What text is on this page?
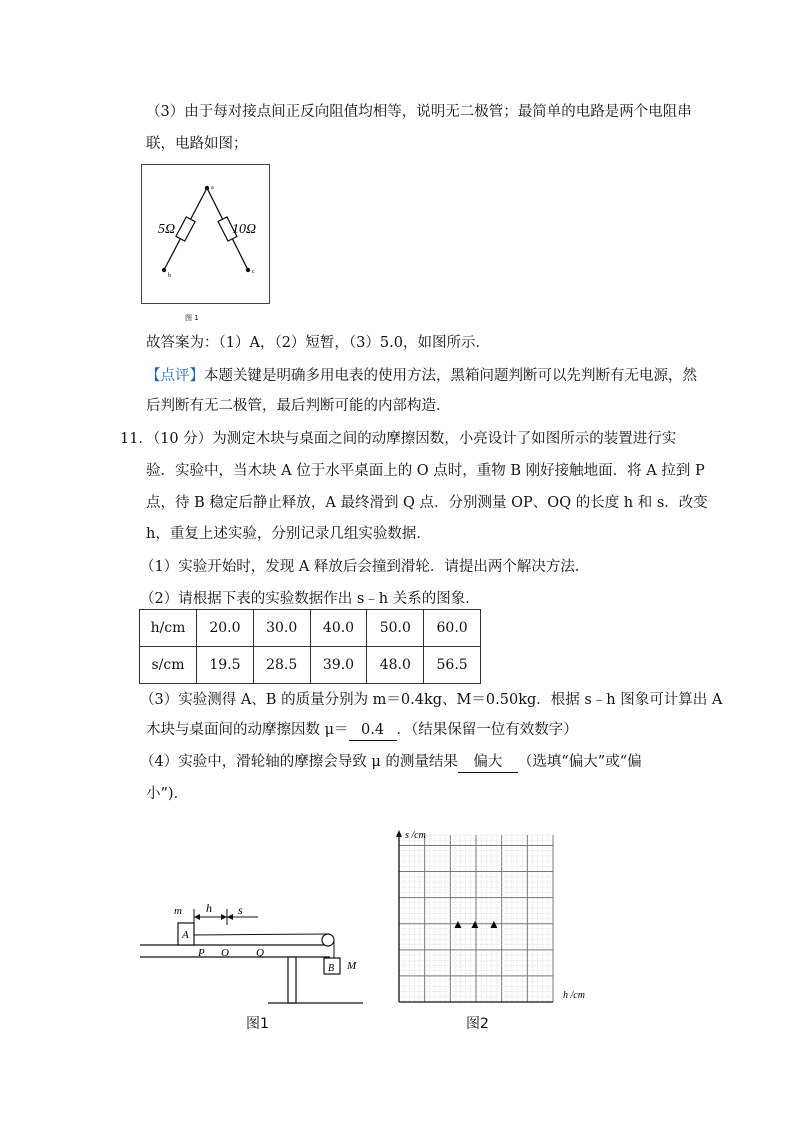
（3）由于每对接点间正反向阻值均相等，说明无二极管；最简单的电路是两个电阻串
联，电路如图；
5Ω	10Ω
a
b
c
图 1
故答案为：（1）A，（2）短暂，（3）5.0，如图所示．
【点评】本题关键是明确多用电表的使用方法，黑箱问题判断可以先判断有无电源，然
后判断有无二极管，最后判断可能的内部构造．
11．（10 分）为测定木块与桌面之间的动摩擦因数，小亮设计了如图所示的装置进行实
验．实验中，当木块 A 位于水平桌面上的 O 点时，重物 B 刚好接触地面．将 A 拉到 P
点，待 B 稳定后静止释放，A 最终滑到 Q 点．分别测量 OP、OQ 的长度 h 和 s．改变
h，重复上述实验，分别记录几组实验数据．
（1）实验开始时，发现 A 释放后会撞到滑轮．请提出两个解决方法．
（2）请根据下表的实验数据作出 s﹣h 关系的图象．
h/cm	20.0	30.0	40.0	50.0	60.0
s/cm	19.5	28.5	39.0	48.0	56.5
（3）实验测得 A、B 的质量分别为 m＝0.4kg、M＝0.50kg．根据 s﹣h 图象可计算出 A
木块与桌面间的动摩擦因数 μ＝ 0.4 ．（结果保留一位有效数字）
（4）实验中，滑轮轴的摩擦会导致 μ 的测量结果 偏大 （选填“偏大”或“偏
小”)．
m h s
A
P O Q
B M
图1
s /cm
h /cm
▲ ▲ ▲
图2
